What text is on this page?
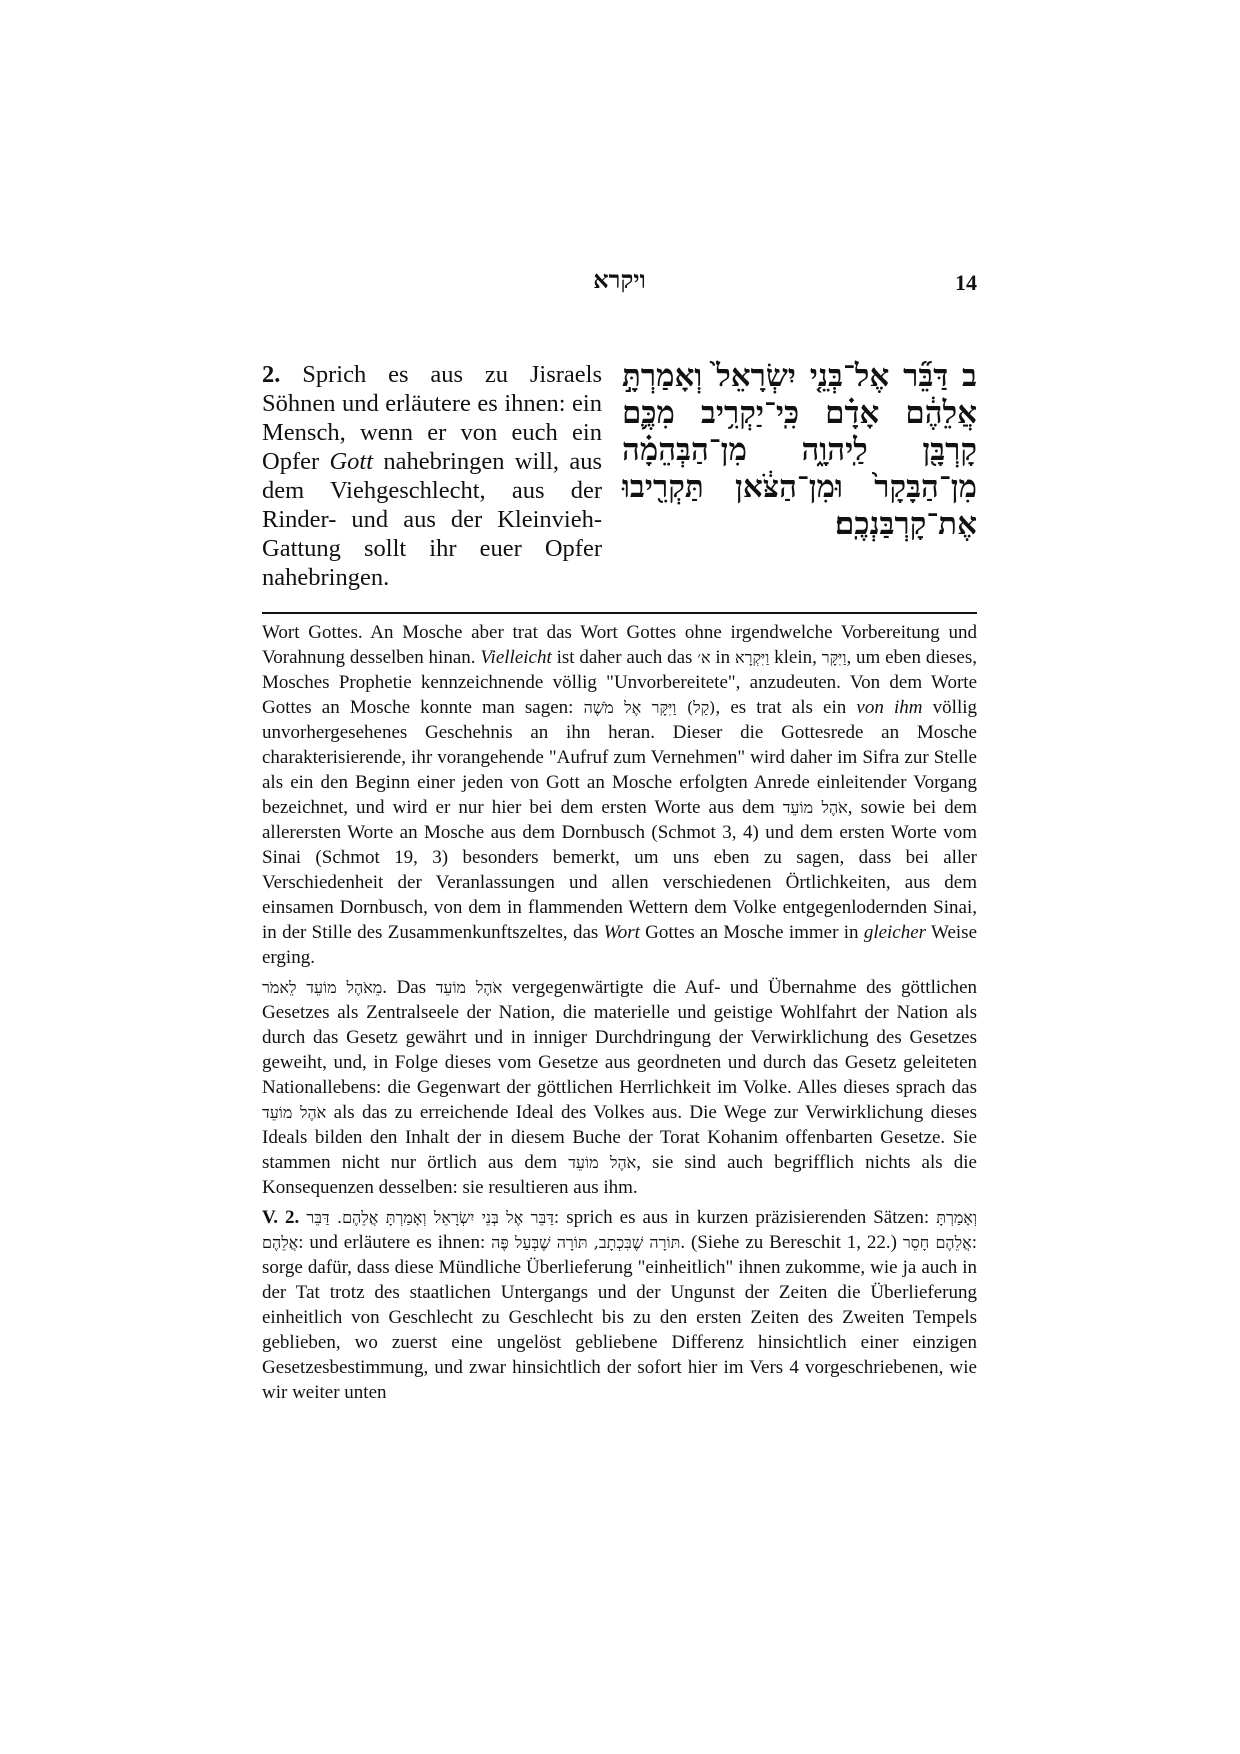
ויקרא	14
2. Sprich es aus zu Jisraels Söhnen und erläutere es ihnen: ein Mensch, wenn er von euch ein Opfer Gott nahebringen will, aus dem Viehgeschlecht, aus der Rinder- und aus der Kleinvieh-Gattung sollt ihr euer Opfer nahebringen.
ב דַּבֵּ֞ר אֶל־בְּנֵ֤י יִשְׂרָאֵל֙ וְאָמַרְתָּ֣ אֲלֵהֶ֔ם אָדָ֗ם כִּֽי־יַקְרִ֥יב מִכֶּ֛ם קָרְבָּ֖ן לַֽיהוָ֑ה מִן־הַבְּהֵמָ֗ה מִן־הַבָּקָר֙ וּמִן־הַצֹּ֔אן תַּקְרִ֖יבוּ אֶת־קָרְבַּנְכֶֽם׃

Wort Gottes. An Mosche aber trat das Wort Gottes ohne irgendwelche Vorbereitung und Vorahnung desselben hinan. Vielleicht ist daher auch das א׳ in וַיִּקְרָא klein, וַיִּקָּר, um eben dieses, Mosches Prophetie kennzeichnende völlig "Unvorbereitete", anzudeuten. Von dem Worte Gottes an Mosche konnte man sagen: (קַל) וַיִּקָּר אֶל מֹשֶׁה, es trat als ein von ihm völlig unvorhergesehenes Geschehnis an ihn heran. Dieser die Gottesrede an Mosche charakterisierende, ihr vorangehende "Aufruf zum Vernehmen" wird daher im Sifra zur Stelle als ein den Beginn einer jeden von Gott an Mosche erfolgten Anrede einleitender Vorgang bezeichnet, und wird er nur hier bei dem ersten Worte aus dem אֹהֶל מוֹעֵד, sowie bei dem allerersten Worte an Mosche aus dem Dornbusch (Schmot 3, 4) und dem ersten Worte vom Sinai (Schmot 19, 3) besonders bemerkt, um uns eben zu sagen, dass bei aller Verschiedenheit der Veranlassungen und allen verschiedenen Örtlichkeiten, aus dem einsamen Dornbusch, von dem in flammenden Wettern dem Volke entgegenlodernden Sinai, in der Stille des Zusammenkunftszeltes, das Wort Gottes an Mosche immer in gleicher Weise erging.

מֵאֹהֶל מוֹעֵד לֵאמֹר. Das אֹהֶל מוֹעֵד vergegenwärtigte die Auf- und Übernahme des göttlichen Gesetzes als Zentralseele der Nation, die materielle und geistige Wohlfahrt der Nation als durch das Gesetz gewährt und in inniger Durchdringung der Verwirklichung des Gesetzes geweiht, und, in Folge dieses vom Gesetze aus geordneten und durch das Gesetz geleiteten Nationallebens: die Gegenwart der göttlichen Herrlichkeit im Volke. Alles dieses sprach das אֹהֶל מוֹעֵד als das zu erreichende Ideal des Volkes aus. Die Wege zur Verwirklichung dieses Ideals bilden den Inhalt der in diesem Buche der Torat Kohanim offenbarten Gesetze. Sie stammen nicht nur örtlich aus dem אֹהֶל מוֹעֵד, sie sind auch begrifflich nichts als die Konsequenzen desselben: sie resultieren aus ihm.

V. 2. דַּבֵּר אֶל בְּנֵי יִשְׂרָאֵל וְאָמַרְתָּ אֲלֵהֶם. דַּבֵּר: sprich es aus in kurzen präzisierenden Sätzen: וְאָמַרְתָּ אֲלֵהֶם: und erläutere es ihnen: תּוֹרָה שֶׁבִּכְתָב, תּוֹרָה שֶׁבְּעַל פֶּה. (Siehe zu Bereschit 1, 22.) אֲלֵהֶם חָסֵר: sorge dafür, dass diese Mündliche Überlieferung "einheitlich" ihnen zukomme, wie ja auch in der Tat trotz des staatlichen Untergangs und der Ungunst der Zeiten die Überlieferung einheitlich von Geschlecht zu Geschlecht bis zu den ersten Zeiten des Zweiten Tempels geblieben, wo zuerst eine ungelöst gebliebene Differenz hinsichtlich einer einzigen Gesetzesbestimmung, und zwar hinsichtlich der sofort hier im Vers 4 vorgeschriebenen, wie wir weiter unten
